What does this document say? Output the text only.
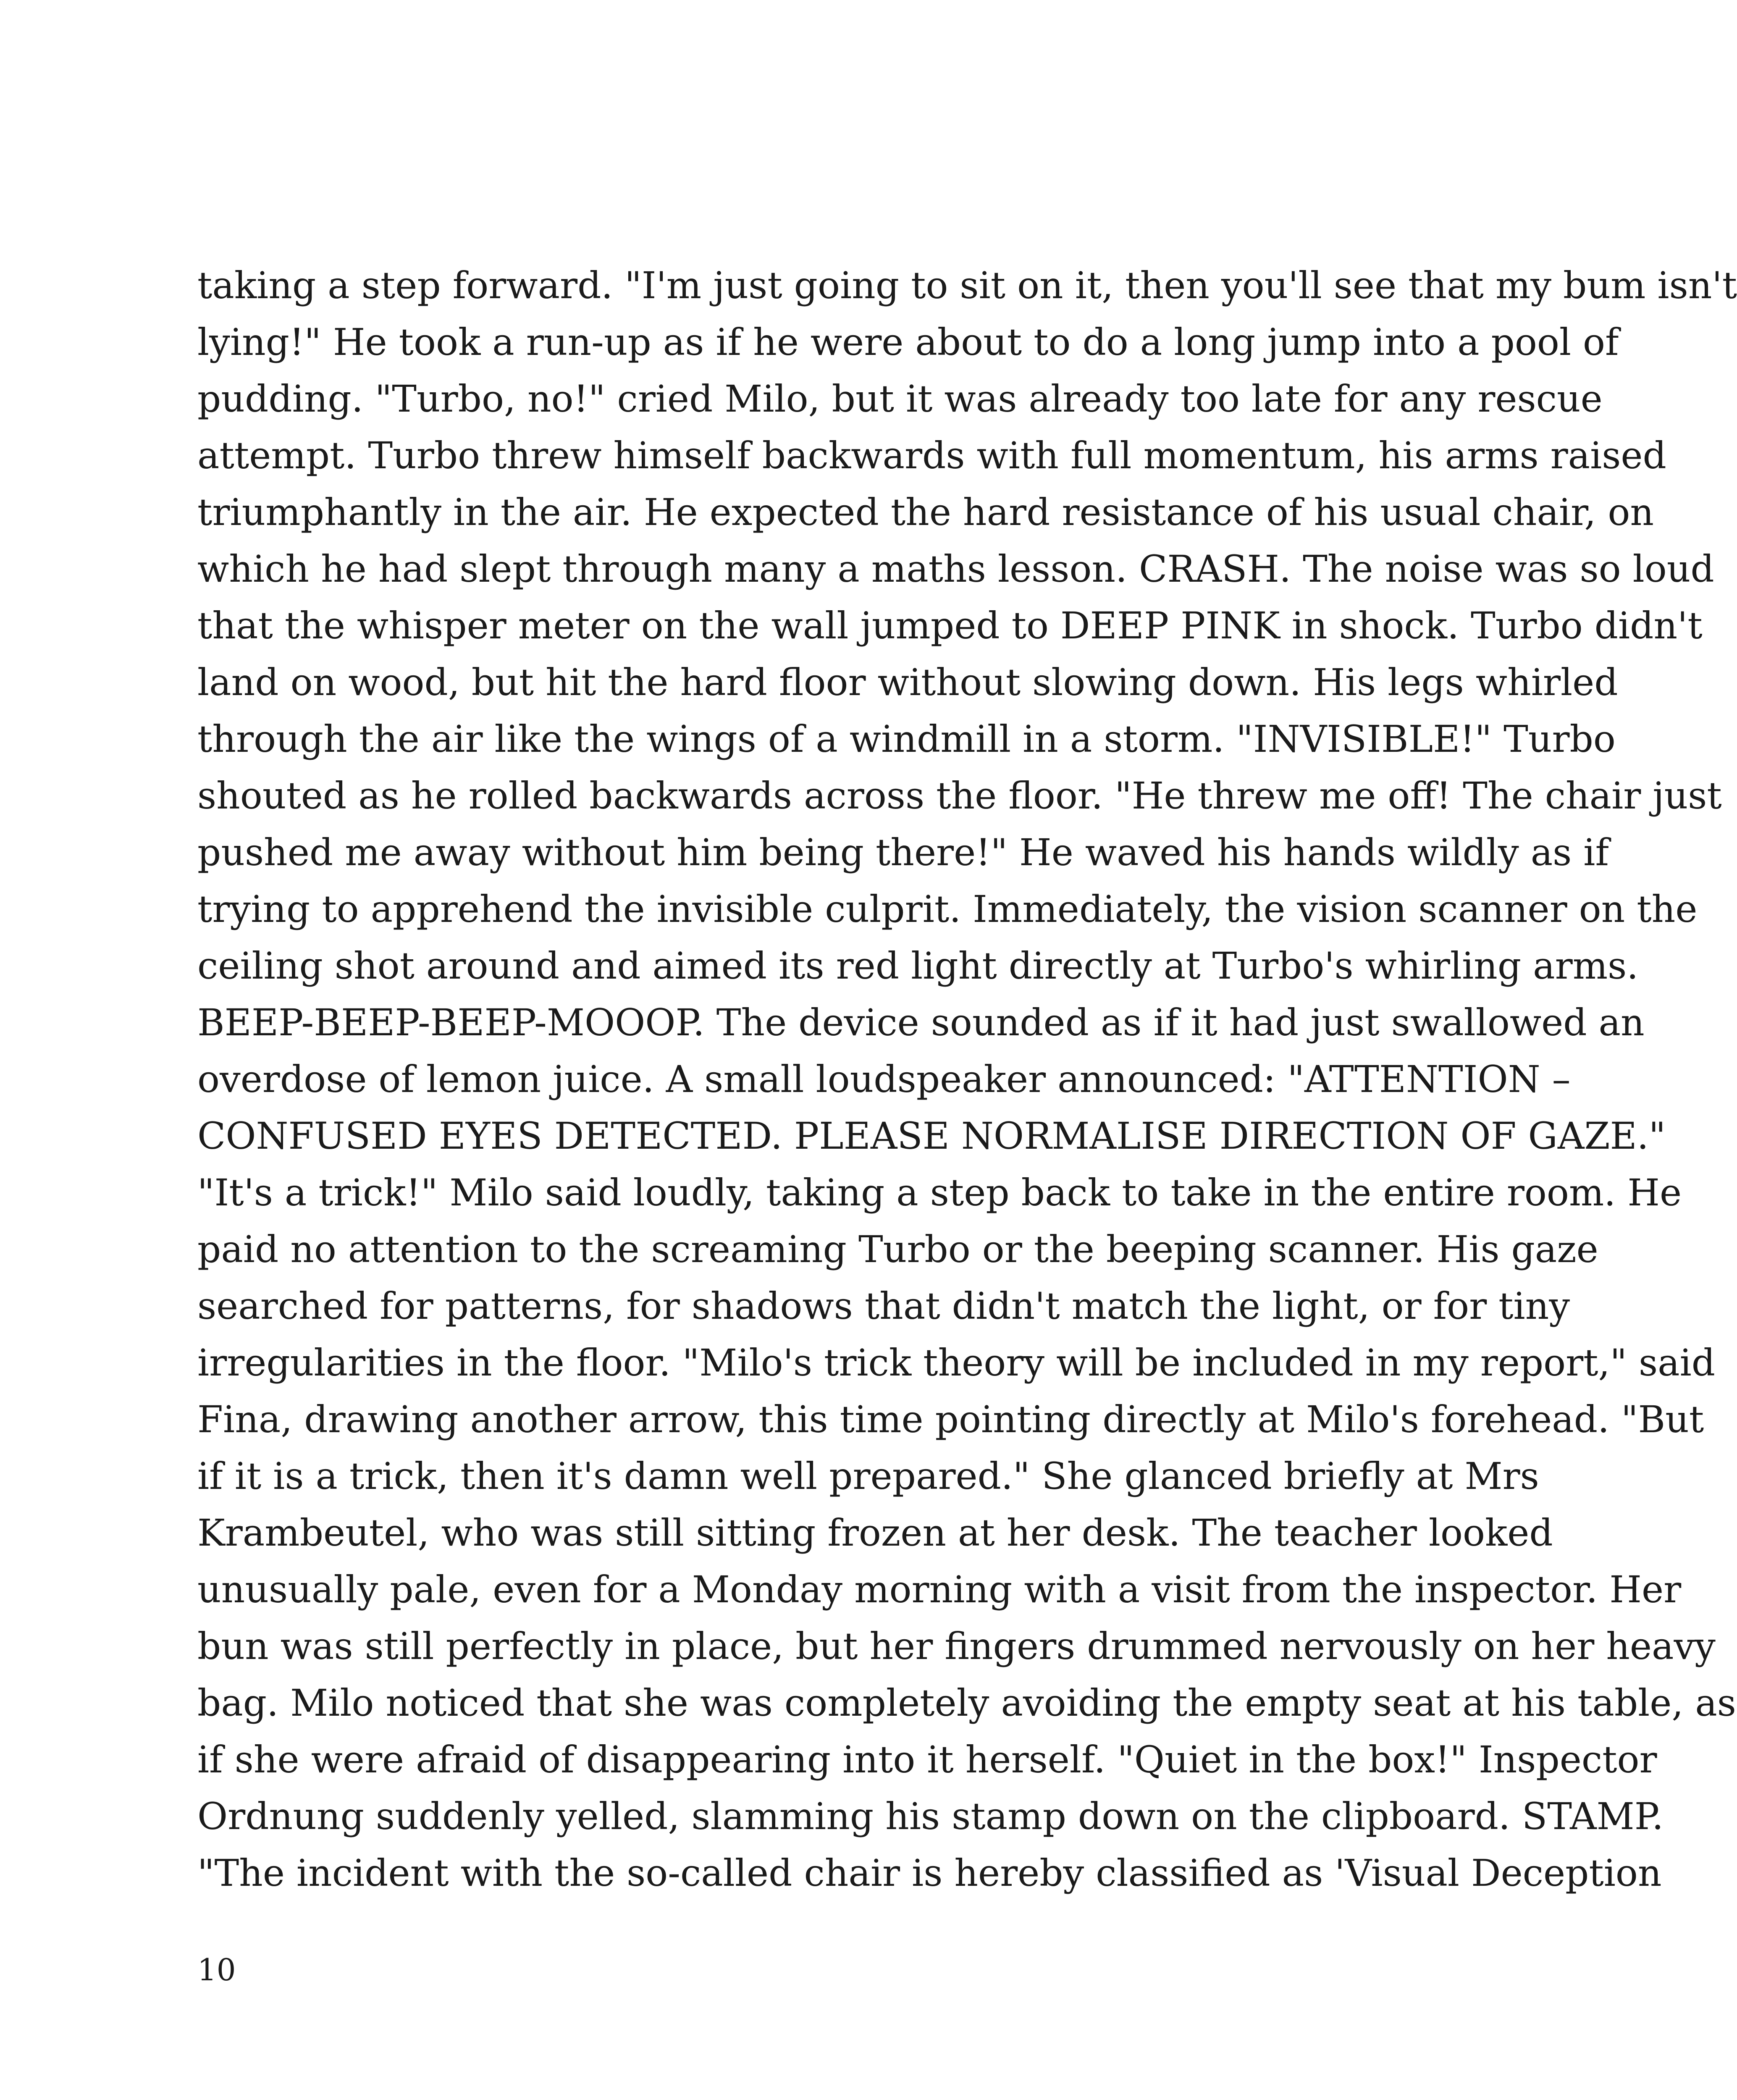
taking a step forward. "I'm just going to sit on it, then you'll see that my bum isn't
lying!" He took a run-up as if he were about to do a long jump into a pool of
pudding. "Turbo, no!" cried Milo, but it was already too late for any rescue
attempt. Turbo threw himself backwards with full momentum, his arms raised
triumphantly in the air. He expected the hard resistance of his usual chair, on
which he had slept through many a maths lesson. CRASH. The noise was so loud
that the whisper meter on the wall jumped to DEEP PINK in shock. Turbo didn't
land on wood, but hit the hard floor without slowing down. His legs whirled
through the air like the wings of a windmill in a storm. "INVISIBLE!" Turbo
shouted as he rolled backwards across the floor. "He threw me off! The chair just
pushed me away without him being there!" He waved his hands wildly as if
trying to apprehend the invisible culprit. Immediately, the vision scanner on the
ceiling shot around and aimed its red light directly at Turbo's whirling arms.
BEEP-BEEP-BEEP-MOOOP. The device sounded as if it had just swallowed an
overdose of lemon juice. A small loudspeaker announced: "ATTENTION –
CONFUSED EYES DETECTED. PLEASE NORMALISE DIRECTION OF GAZE."
"It's a trick!" Milo said loudly, taking a step back to take in the entire room. He
paid no attention to the screaming Turbo or the beeping scanner. His gaze
searched for patterns, for shadows that didn't match the light, or for tiny
irregularities in the floor. "Milo's trick theory will be included in my report," said
Fina, drawing another arrow, this time pointing directly at Milo's forehead. "But
if it is a trick, then it's damn well prepared." She glanced briefly at Mrs
Krambeutel, who was still sitting frozen at her desk. The teacher looked
unusually pale, even for a Monday morning with a visit from the inspector. Her
bun was still perfectly in place, but her fingers drummed nervously on her heavy
bag. Milo noticed that she was completely avoiding the empty seat at his table, as
if she were afraid of disappearing into it herself. "Quiet in the box!" Inspector
Ordnung suddenly yelled, slamming his stamp down on the clipboard. STAMP.
"The incident with the so-called chair is hereby classified as 'Visual Deception
10
